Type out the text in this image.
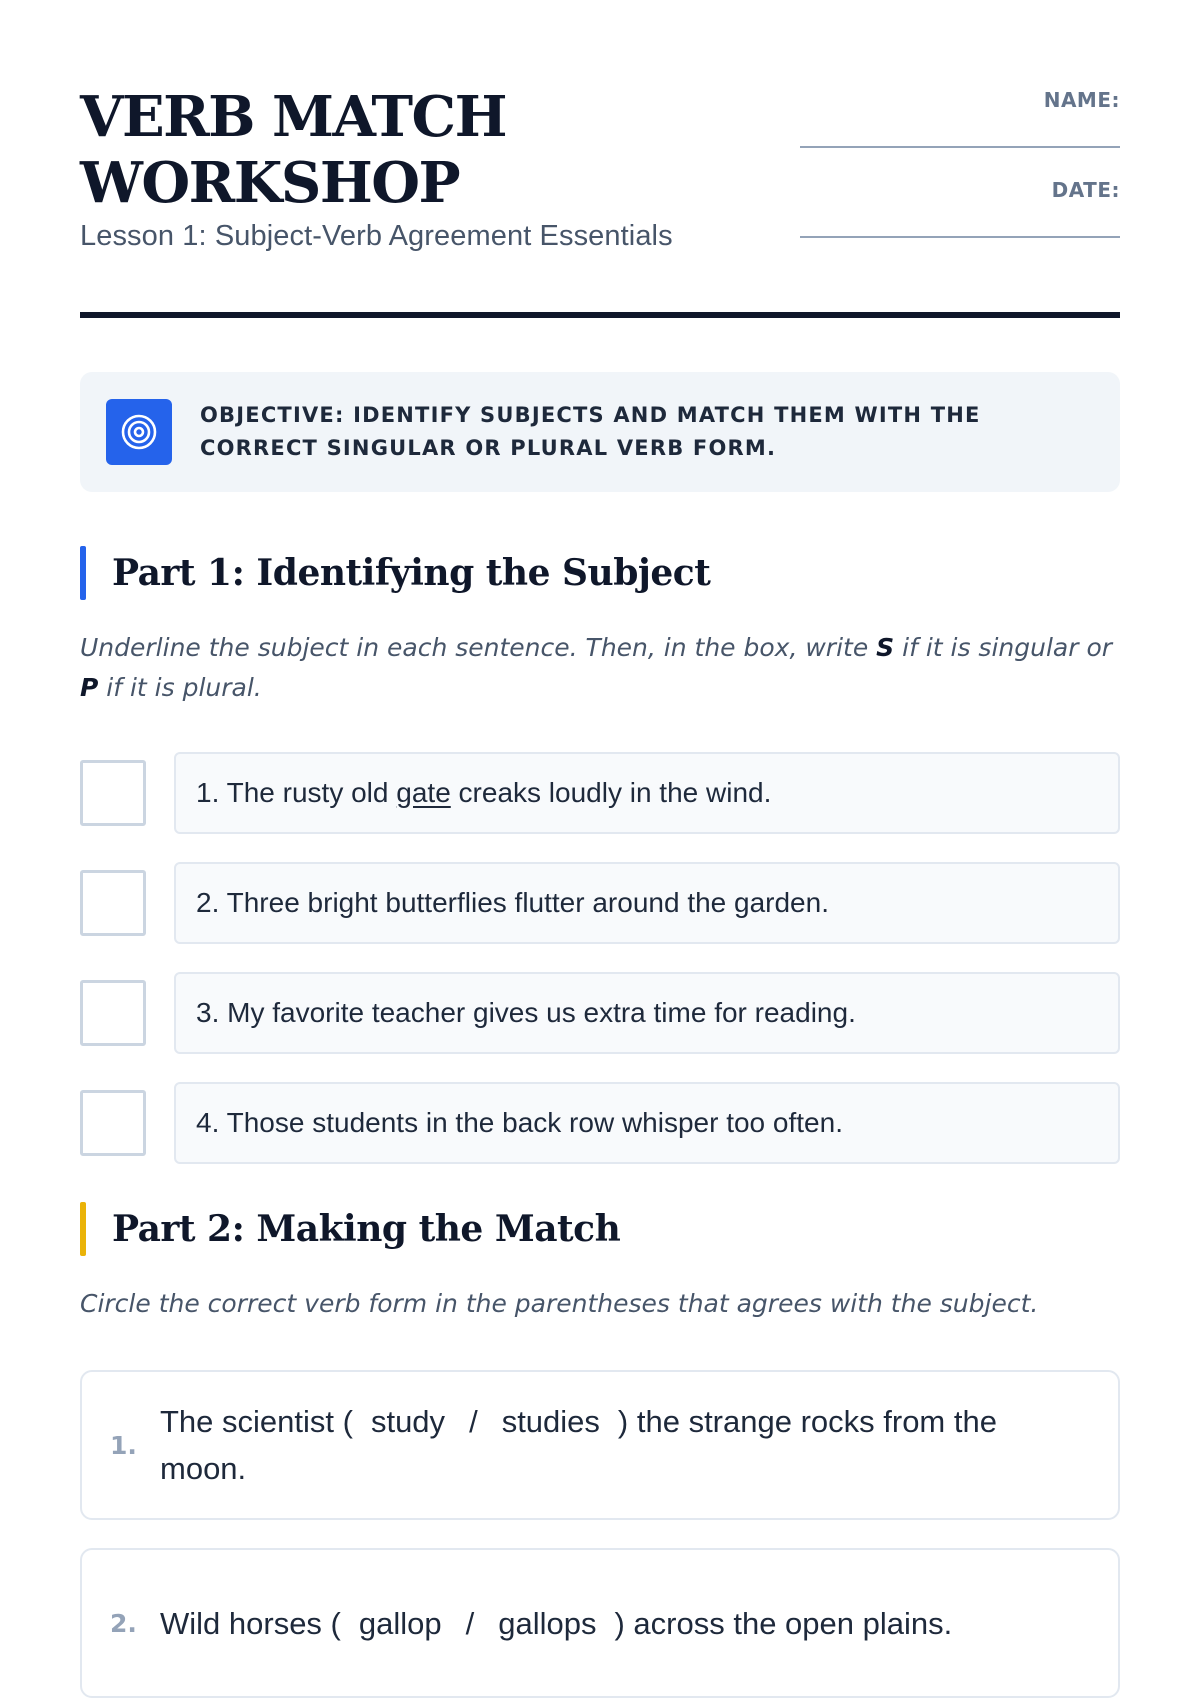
VERB MATCH
WORKSHOP
Lesson 1: Subject-Verb Agreement Essentials
NAME:
DATE:
OBJECTIVE: IDENTIFY SUBJECTS AND MATCH THEM WITH THE CORRECT SINGULAR OR PLURAL VERB FORM.
Part 1: Identifying the Subject

Underline the subject in each sentence. Then, in the box, write S if it is singular or P if it is plural.

1. The rusty old gate creaks loudly in the wind.
2. Three bright butterflies flutter around the garden.
3. My favorite teacher gives us extra time for reading.
4. Those students in the back row whisper too often.
Part 2: Making the Match

Circle the correct verb form in the parentheses that agrees with the subject.

1.
The scientist ( study / studies ) the strange rocks from the moon.
2. Wild horses ( gallop / gallops ) across the open plains.
